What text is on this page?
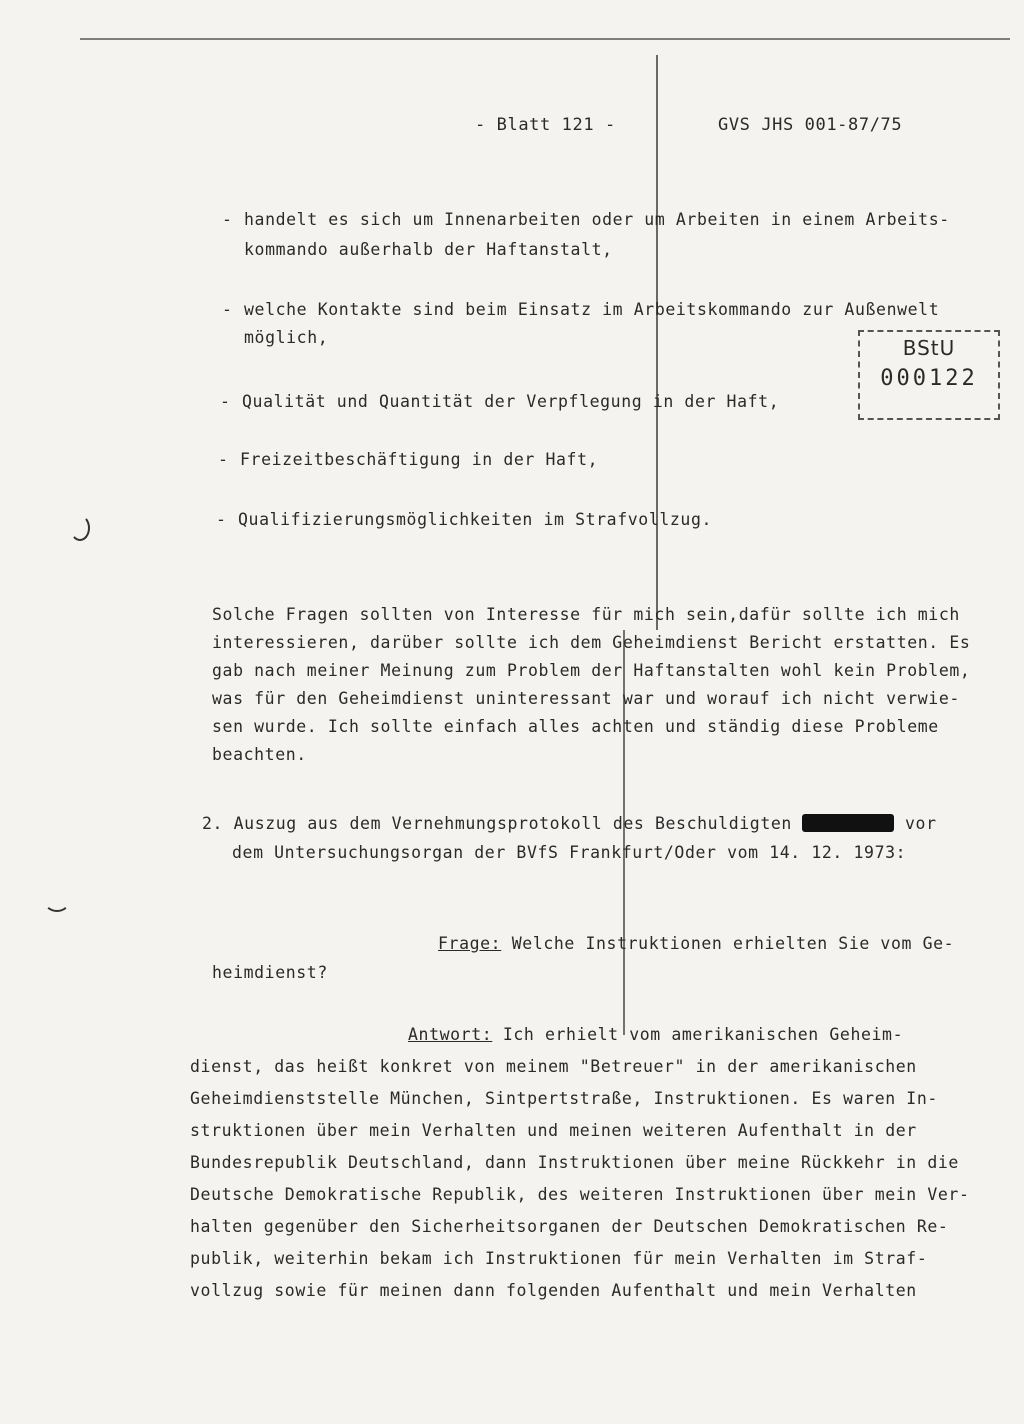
- Blatt 121 -	GVS JHS 001-87/75
BStU
000122
- handelt es sich um Innenarbeiten oder um Arbeiten in einem Arbeits-
kommando außerhalb der Haftanstalt,
- welche Kontakte sind beim Einsatz im Arbeitskommando zur Außenwelt
möglich,
- Qualität und Quantität der Verpflegung in der Haft,
- Freizeitbeschäftigung in der Haft,
- Qualifizierungsmöglichkeiten im Strafvollzug.
Solche Fragen sollten von Interesse für mich sein,dafür sollte ich mich
interessieren, darüber sollte ich dem Geheimdienst Bericht erstatten. Es
gab nach meiner Meinung zum Problem der Haftanstalten wohl kein Problem,
was für den Geheimdienst uninteressant war und worauf ich nicht verwie-
sen wurde. Ich sollte einfach alles achten und ständig diese Probleme
beachten.
2. Auszug aus dem Vernehmungsprotokoll des Beschuldigten	vor
dem Untersuchungsorgan der BVfS Frankfurt/Oder vom 14. 12. 1973:
Frage: Welche Instruktionen erhielten Sie vom Ge-
heimdienst?
Antwort: Ich erhielt vom amerikanischen Geheim-
dienst, das heißt konkret von meinem "Betreuer" in der amerikanischen
Geheimdienststelle München, Sintpertstraße, Instruktionen. Es waren In-
struktionen über mein Verhalten und meinen weiteren Aufenthalt in der
Bundesrepublik Deutschland, dann Instruktionen über meine Rückkehr in die
Deutsche Demokratische Republik, des weiteren Instruktionen über mein Ver-
halten gegenüber den Sicherheitsorganen der Deutschen Demokratischen Re-
publik, weiterhin bekam ich Instruktionen für mein Verhalten im Straf-
vollzug sowie für meinen dann folgenden Aufenthalt und mein Verhalten
